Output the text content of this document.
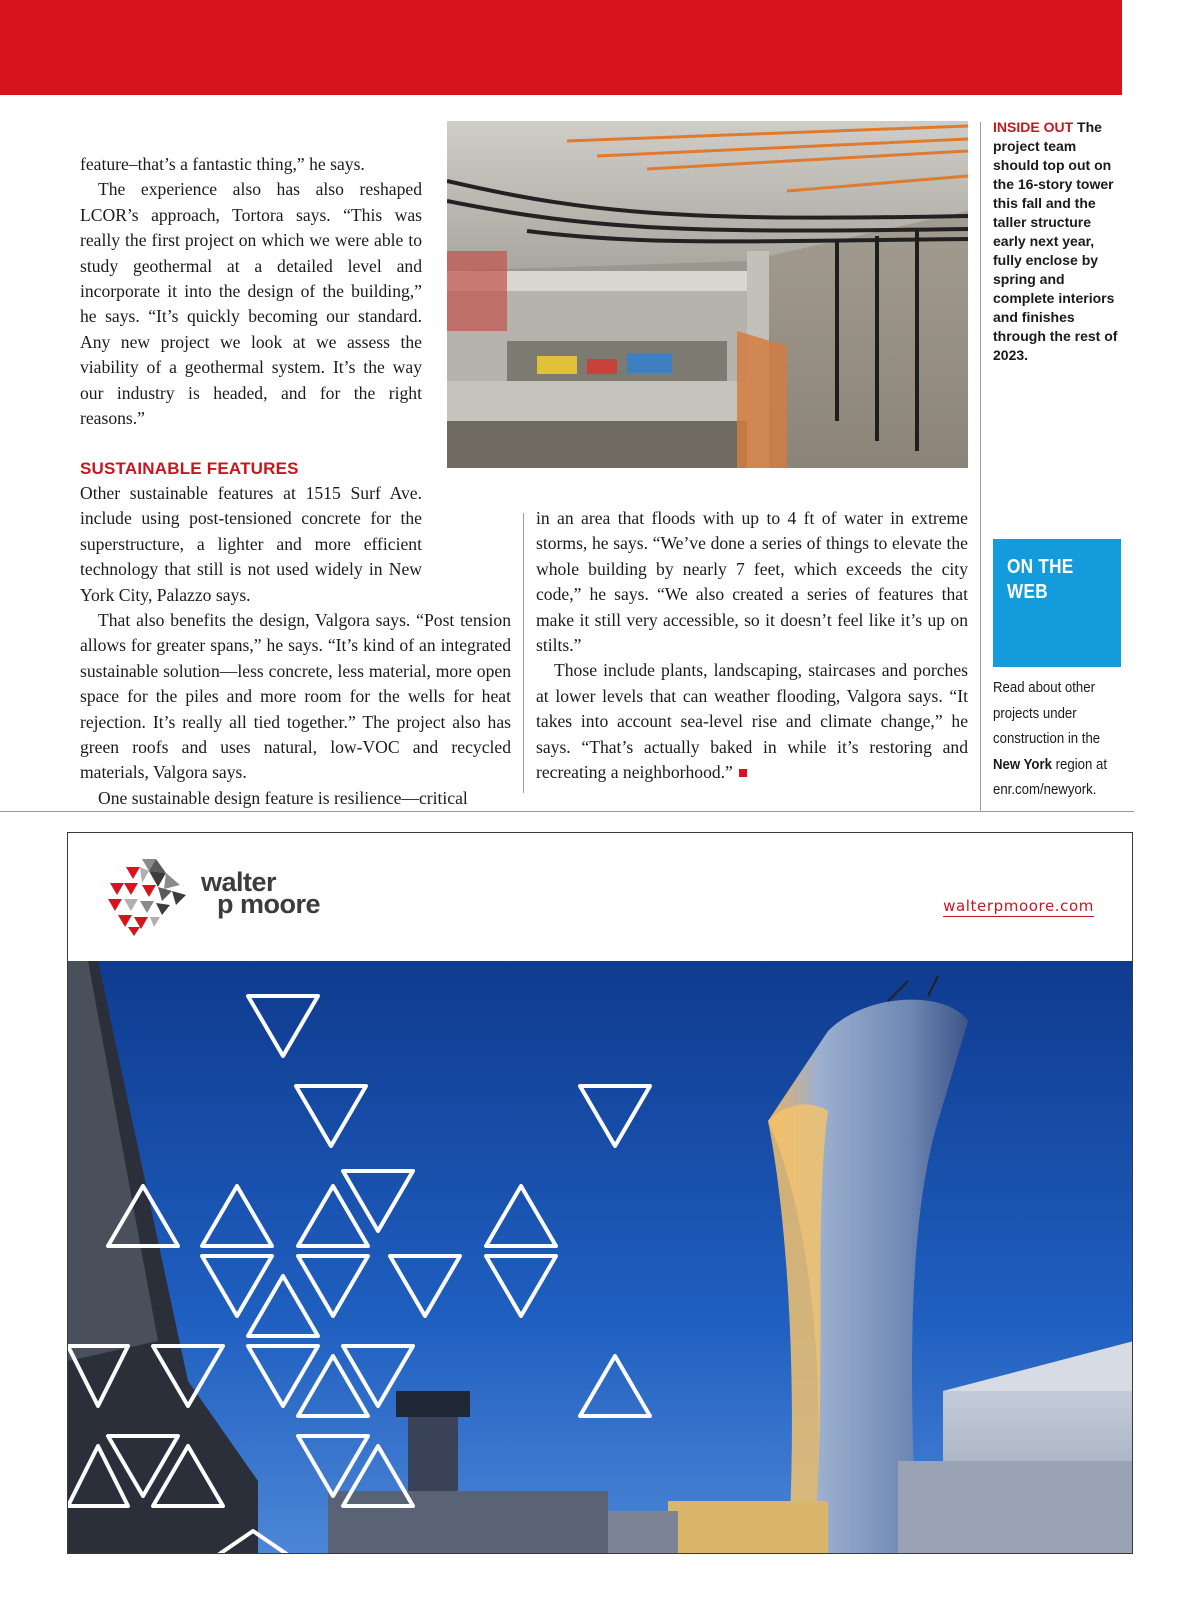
feature–that’s a fantastic thing,” he says.

The experience also has also reshaped LCOR’s approach, Tortora says. “This was really the first project on which we were able to study geothermal at a detailed level and incorporate it into the design of the building,” he says. “It’s quickly becoming our standard. Any new project we look at we assess the viability of a geothermal system. It’s the way our industry is headed, and for the right reasons.”

SUSTAINABLE FEATURES

Other sustainable features at 1515 Surf Ave. include using post-tensioned concrete for the superstructure, a lighter and more efficient technology that still is not used widely in New York City, Palazzo says.

That also benefits the design, Valgora says. “Post tension allows for greater spans,” he says. “It’s kind of an integrated sustainable solution—less concrete, less material, more open space for the piles and more room for the wells for heat rejection. It’s really all tied together.” The project also has green roofs and uses natural, low-VOC and recycled materials, Valgora says.

One sustainable design feature is resilience—critical

in an area that floods with up to 4 ft of water in extreme storms, he says. “We’ve done a series of things to elevate the whole building by nearly 7 feet, which exceeds the city code,” he says. “We also created a series of features that make it still very accessible, so it doesn’t feel like it’s up on stilts.”

Those include plants, landscaping, staircases and porches at lower levels that can weather flooding, Valgora says. “It takes into account sea-level rise and climate change,” he says. “That’s actually baked in while it’s restoring and recreating a neighborhood.”

INSIDE OUT The project team should top out on the 16-story tower this fall and the taller structure early next year, fully enclose by spring and complete interiors and finishes through the rest of 2023.
ON THE WEB
Read about other projects under construction in the New York region at enr.com/newyork.
walter
p moore	walterpmoore.com
